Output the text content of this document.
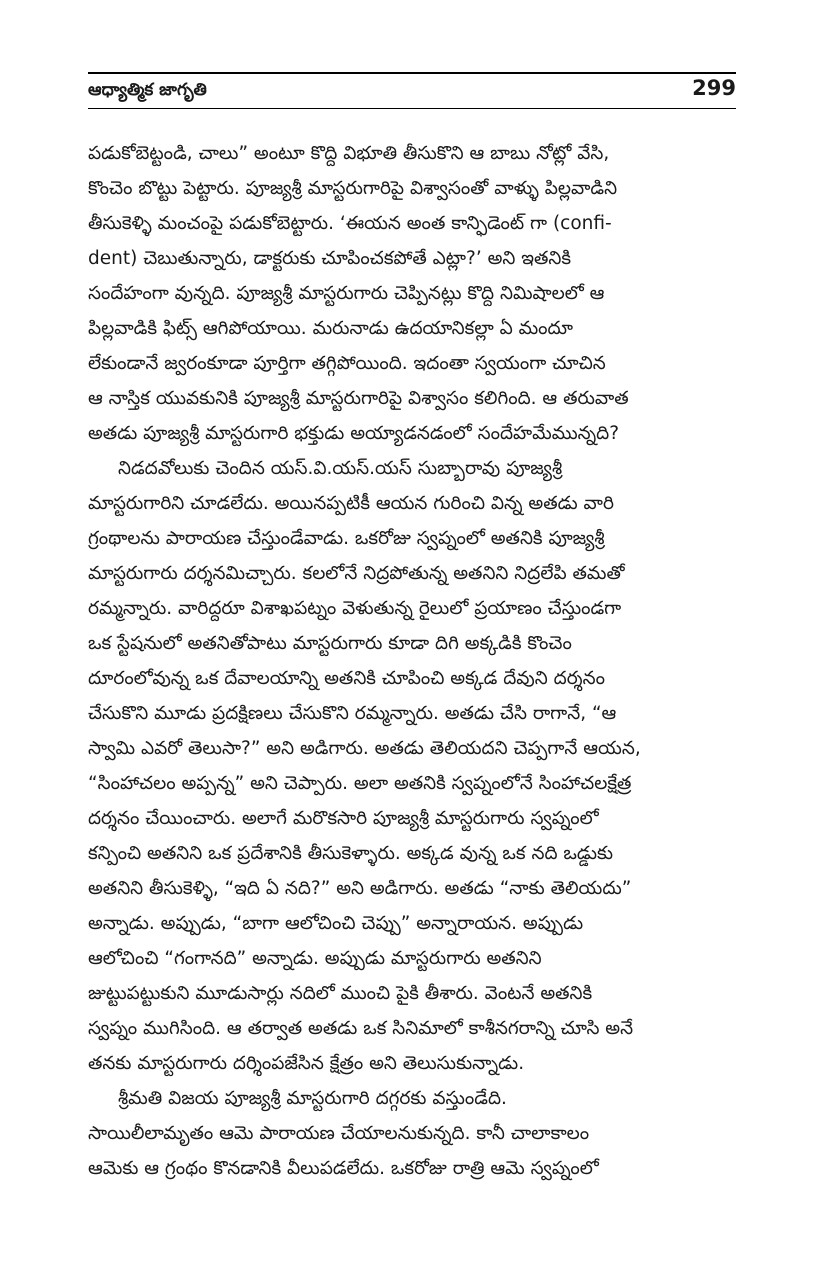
ఆధ్యాత్మిక జాగృతి	299
పడుకోబెట్టండి, చాలు” అంటూ కొద్ది విభూతి తీసుకొని ఆ బాబు నోట్లో వేసి,
కొంచెం బొట్టు పెట్టారు. పూజ్యశ్రీ మాస్టరుగారిపై విశ్వాసంతో వాళ్ళు పిల్లవాడిని
తీసుకెళ్ళి మంచంపై పడుకోబెట్టారు. ‘ఈయన అంత కాన్ఫిడెంట్ గా (confi-
dent) చెబుతున్నారు, డాక్టరుకు చూపించకపోతే ఎట్లా?’ అని ఇతనికి
సందేహంగా వున్నది. పూజ్యశ్రీ మాస్టరుగారు చెప్పినట్లు కొద్ది నిమిషాలలో ఆ
పిల్లవాడికి ఫిట్స్ ఆగిపోయాయి. మరునాడు ఉదయానికల్లా ఏ మందూ
లేకుండానే జ్వరంకూడా పూర్తిగా తగ్గిపోయింది. ఇదంతా స్వయంగా చూచిన
ఆ నాస్తిక యువకునికి పూజ్యశ్రీ మాస్టరుగారిపై విశ్వాసం కలిగింది. ఆ తరువాత
అతడు పూజ్యశ్రీ మాస్టరుగారి భక్తుడు అయ్యాడనడంలో సందేహమేమున్నది?
నిడదవోలుకు చెందిన యస్.వి.యస్.యస్ సుబ్బారావు పూజ్యశ్రీ
మాస్టరుగారిని చూడలేదు. అయినప్పటికీ ఆయన గురించి విన్న అతడు వారి
గ్రంథాలను పారాయణ చేస్తుండేవాడు. ఒకరోజు స్వప్నంలో అతనికి పూజ్యశ్రీ
మాస్టరుగారు దర్శనమిచ్చారు. కలలోనే నిద్రపోతున్న అతనిని నిద్రలేపి తమతో
రమ్మన్నారు. వారిద్దరూ విశాఖపట్నం వెళుతున్న రైలులో ప్రయాణం చేస్తుండగా
ఒక స్టేషనులో అతనితోపాటు మాస్టరుగారు కూడా దిగి అక్కడికి కొంచెం
దూరంలోవున్న ఒక దేవాలయాన్ని అతనికి చూపించి అక్కడ దేవుని దర్శనం
చేసుకొని మూడు ప్రదక్షిణలు చేసుకొని రమ్మన్నారు. అతడు చేసి రాగానే, “ఆ
స్వామి ఎవరో తెలుసా?” అని అడిగారు. అతడు తెలియదని చెప్పగానే ఆయన,
“సింహాచలం అప్పన్న” అని చెప్పారు. అలా అతనికి స్వప్నంలోనే సింహాచలక్షేత్ర
దర్శనం చేయించారు. అలాగే మరొకసారి పూజ్యశ్రీ మాస్టరుగారు స్వప్నంలో
కన్పించి అతనిని ఒక ప్రదేశానికి తీసుకెళ్ళారు. అక్కడ వున్న ఒక నది ఒడ్డుకు
అతనిని తీసుకెళ్ళి, “ఇది ఏ నది?” అని అడిగారు. అతడు “నాకు తెలియదు”
అన్నాడు. అప్పుడు, “బాగా ఆలోచించి చెప్పు” అన్నారాయన. అప్పుడు
ఆలోచించి “గంగానది” అన్నాడు. అప్పుడు మాస్టరుగారు అతనిని
జుట్టుపట్టుకుని మూడుసార్లు నదిలో ముంచి పైకి తీశారు. వెంటనే అతనికి
స్వప్నం ముగిసింది. ఆ తర్వాత అతడు ఒక సినిమాలో కాశీనగరాన్ని చూసి అనే
తనకు మాస్టరుగారు దర్శింపజేసిన క్షేత్రం అని తెలుసుకున్నాడు.
శ్రీమతి విజయ పూజ్యశ్రీ మాస్టరుగారి దగ్గరకు వస్తుండేది.
సాయిలీలామృతం ఆమె పారాయణ చేయాలనుకున్నది. కానీ చాలాకాలం
ఆమెకు ఆ గ్రంథం కొనడానికి వీలుపడలేదు. ఒకరోజు రాత్రి ఆమె స్వప్నంలో
